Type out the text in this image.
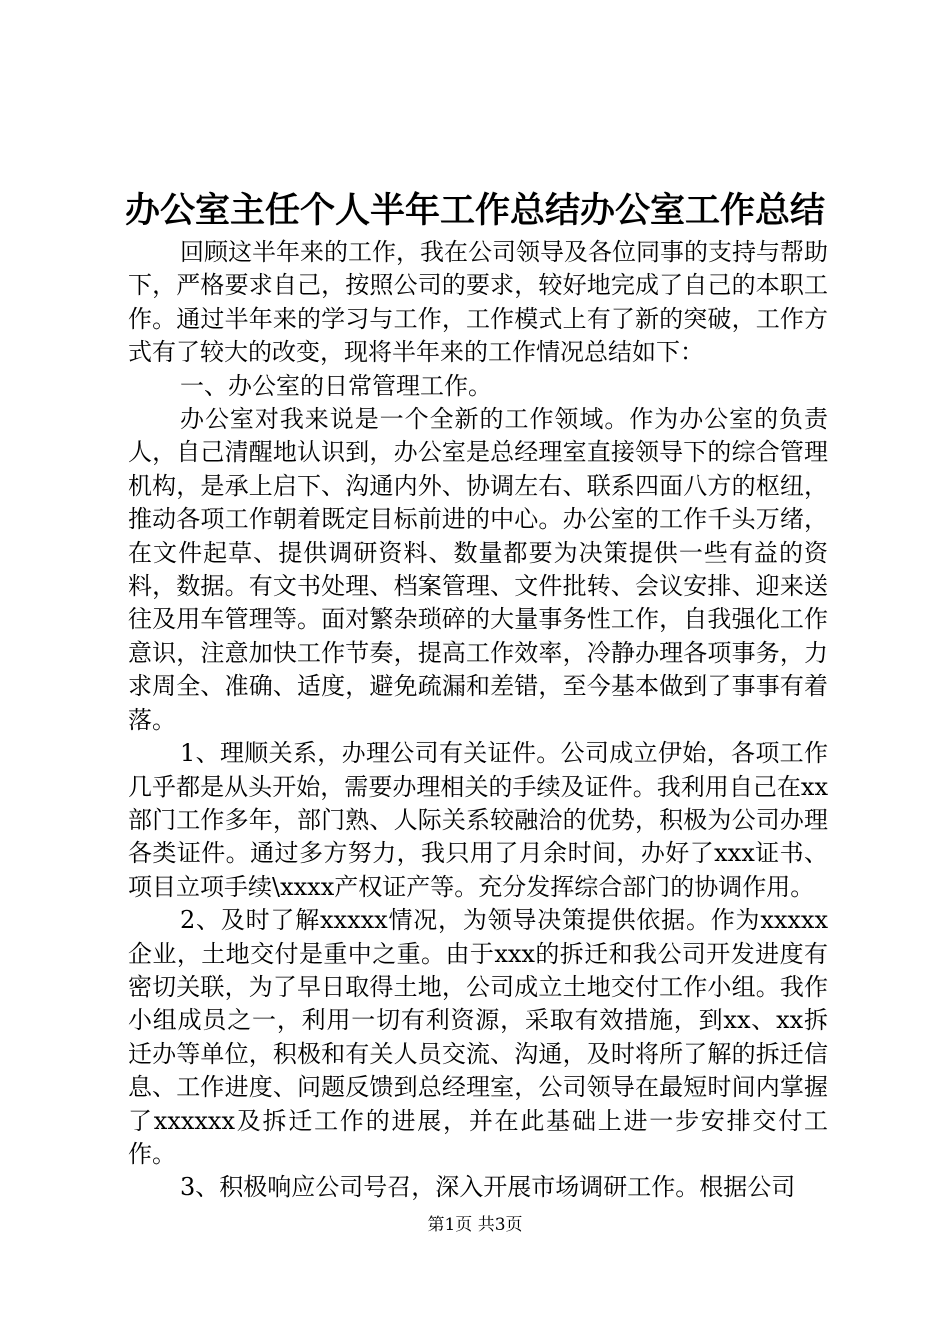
办公室主任个人半年工作总结办公室工作总结

回顾这半年来的工作，我在公司领导及各位同事的支持与帮助下，严格要求自己，按照公司的要求，较好地完成了自己的本职工作。通过半年来的学习与工作，工作模式上有了新的突破，工作方式有了较大的改变，现将半年来的工作情况总结如下：

一、办公室的日常管理工作。

办公室对我来说是一个全新的工作领域。作为办公室的负责人，自己清醒地认识到，办公室是总经理室直接领导下的综合管理机构，是承上启下、沟通内外、协调左右、联系四面八方的枢纽，推动各项工作朝着既定目标前进的中心。办公室的工作千头万绪，在文件起草、提供调研资料、数量都要为决策提供一些有益的资料，数据。有文书处理、档案管理、文件批转、会议安排、迎来送往及用车管理等。面对繁杂琐碎的大量事务性工作，自我强化工作意识，注意加快工作节奏，提高工作效率，冷静办理各项事务，力求周全、准确、适度，避免疏漏和差错，至今基本做到了事事有着落。

1、理顺关系，办理公司有关证件。公司成立伊始，各项工作几乎都是从头开始，需要办理相关的手续及证件。我利用自己在xx部门工作多年，部门熟、人际关系较融洽的优势，积极为公司办理各类证件。通过多方努力，我只用了月余时间，办好了xxx证书、项目立项手续\xxxx产权证产等。充分发挥综合部门的协调作用。

2、及时了解xxxxx情况，为领导决策提供依据。作为xxxxx企业，土地交付是重中之重。由于xxx的拆迁和我公司开发进度有密切关联，为了早日取得土地，公司成立土地交付工作小组。我作小组成员之一，利用一切有利资源，采取有效措施，到xx、xx拆迁办等单位，积极和有关人员交流、沟通，及时将所了解的拆迁信息、工作进度、问题反馈到总经理室，公司领导在最短时间内掌握了xxxxxx及拆迁工作的进展，并在此基础上进一步安排交付工作。

3、积极响应公司号召，深入开展市场调研工作。根据公司

第1页 共3页
